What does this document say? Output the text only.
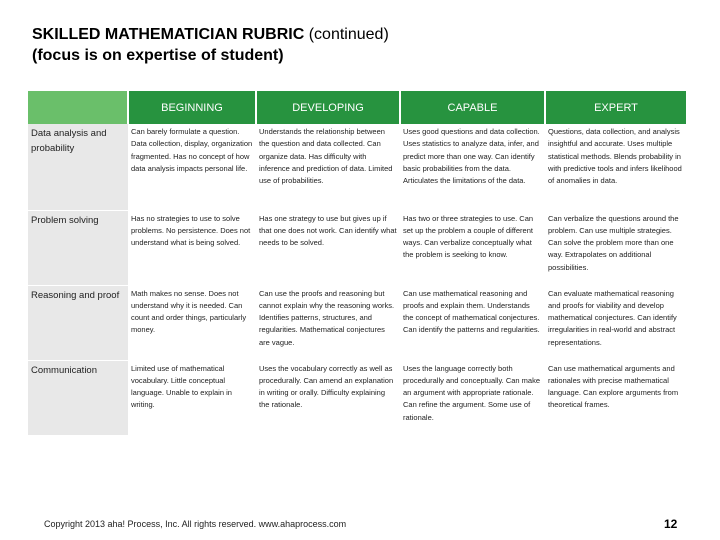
SKILLED MATHEMATICIAN RUBRIC (continued)
(focus is on expertise of student)
	BEGINNING	DEVELOPING	CAPABLE	EXPERT
Data analysis and probability	Can barely formulate a question. Data collection, display, organization fragmented. Has no concept of how data analysis impacts personal life.	Understands the relationship between the question and data collected. Can organize data. Has difficulty with inference and prediction of data. Limited use of probabilities.	Uses good questions and data collection. Uses statistics to analyze data, infer, and predict more than one way. Can identify basic probabilities from the data. Articulates the limitations of the data.	Questions, data collection, and analysis insightful and accurate. Uses multiple statistical methods. Blends probability in with predictive tools and infers likelihood of anomalies in data.
Problem solving	Has no strategies to use to solve problems. No persistence. Does not understand what is being solved.	Has one strategy to use but gives up if that one does not work. Can identify what needs to be solved.	Has two or three strategies to use. Can set up the problem a couple of different ways. Can verbalize conceptually what the problem is seeking to know.	Can verbalize the questions around the problem. Can use multiple strategies. Can solve the problem more than one way. Extrapolates on additional possibilities.
Reasoning and proof	Math makes no sense. Does not understand why it is needed. Can count and order things, particularly money.	Can use the proofs and reasoning but cannot explain why the reasoning works. Identifies patterns, structures, and regularities. Mathematical conjectures are vague.	Can use mathematical reasoning and proofs and explain them. Understands the concept of mathematical conjectures. Can identify the patterns and regularities.	Can evaluate mathematical reasoning and proofs for viability and develop mathematical conjectures. Can identify irregularities in real-world and abstract representations.
Communication	Limited use of mathematical vocabulary. Little conceptual language. Unable to explain in writing.	Uses the vocabulary correctly as well as procedurally. Can amend an explanation in writing or orally. Difficulty explaining the rationale.	Uses the language correctly both procedurally and conceptually. Can make an argument with appropriate rationale. Can refine the argument. Some use of rationale.	Can use mathematical arguments and rationales with precise mathematical language. Can explore arguments from theoretical frames.
Copyright 2013 aha! Process, Inc. All rights reserved. www.ahaprocess.com	12
